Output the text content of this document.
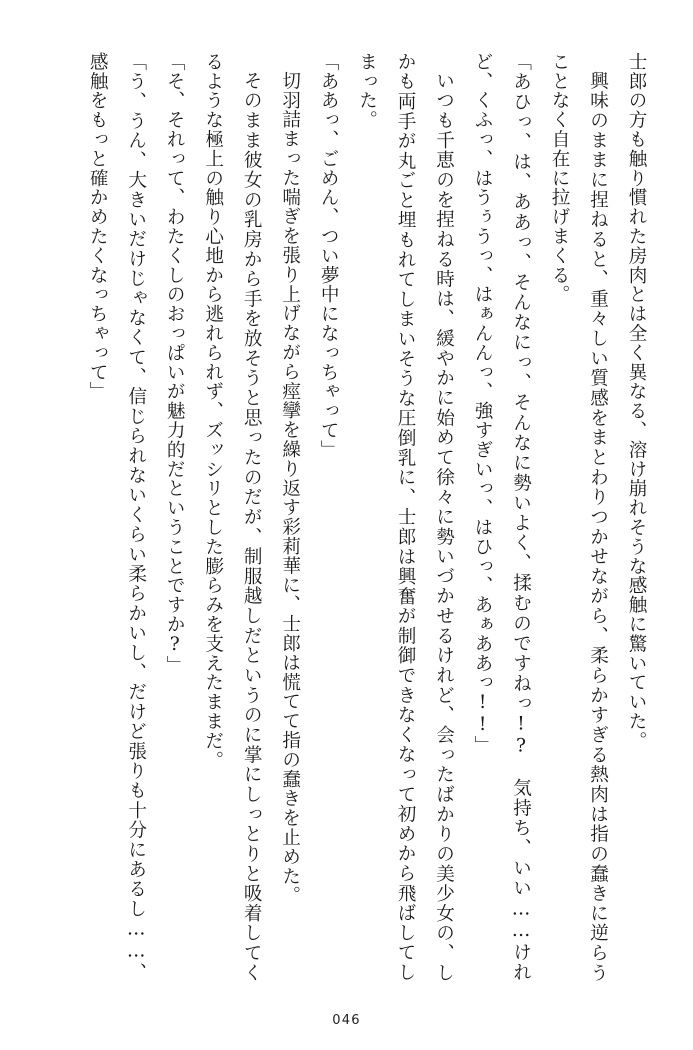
士郎の方も触り慣れた房肉とは全く異なる、溶け崩れそうな感触に驚いていた。

興味のままに捏ねると、重々しい質感をまとわりつかせながら、柔らかすぎる熱肉は指の蠢きに逆らうことなく自在に拉げまくる。

「あひっ、は、ああっ、そんなにっ、そんなに勢いよく、揉むのですねっ!?　気持ち、いい……けれど、くふっ、はうぅうっ、はぁんんっ、強すぎいっ、はひっ、あぁああっ!!」

いつも千恵のを捏ねる時は、緩やかに始めて徐々に勢いづかせるけれど、会ったばかりの美少女の、しかも両手が丸ごと埋もれてしまいそうな圧倒乳に、士郎は興奮が制御できなくなって初めから飛ばしてしまった。

「ああっ、ごめん、つい夢中になっちゃって」

切羽詰まった喘ぎを張り上げながら痙攣を繰り返す彩莉華に、士郎は慌てて指の蠢きを止めた。

そのまま彼女の乳房から手を放そうと思ったのだが、制服越しだというのに掌にしっとりと吸着してくるような極上の触り心地から逃れられず、ズッシリとした膨らみを支えたままだ。

「そ、それって、わたくしのおっぱいが魅力的だということですか?」

「う、うん、大きいだけじゃなくて、信じられないくらい柔らかいし、だけど張りも十分にあるし……、感触をもっと確かめたくなっちゃって」

046
